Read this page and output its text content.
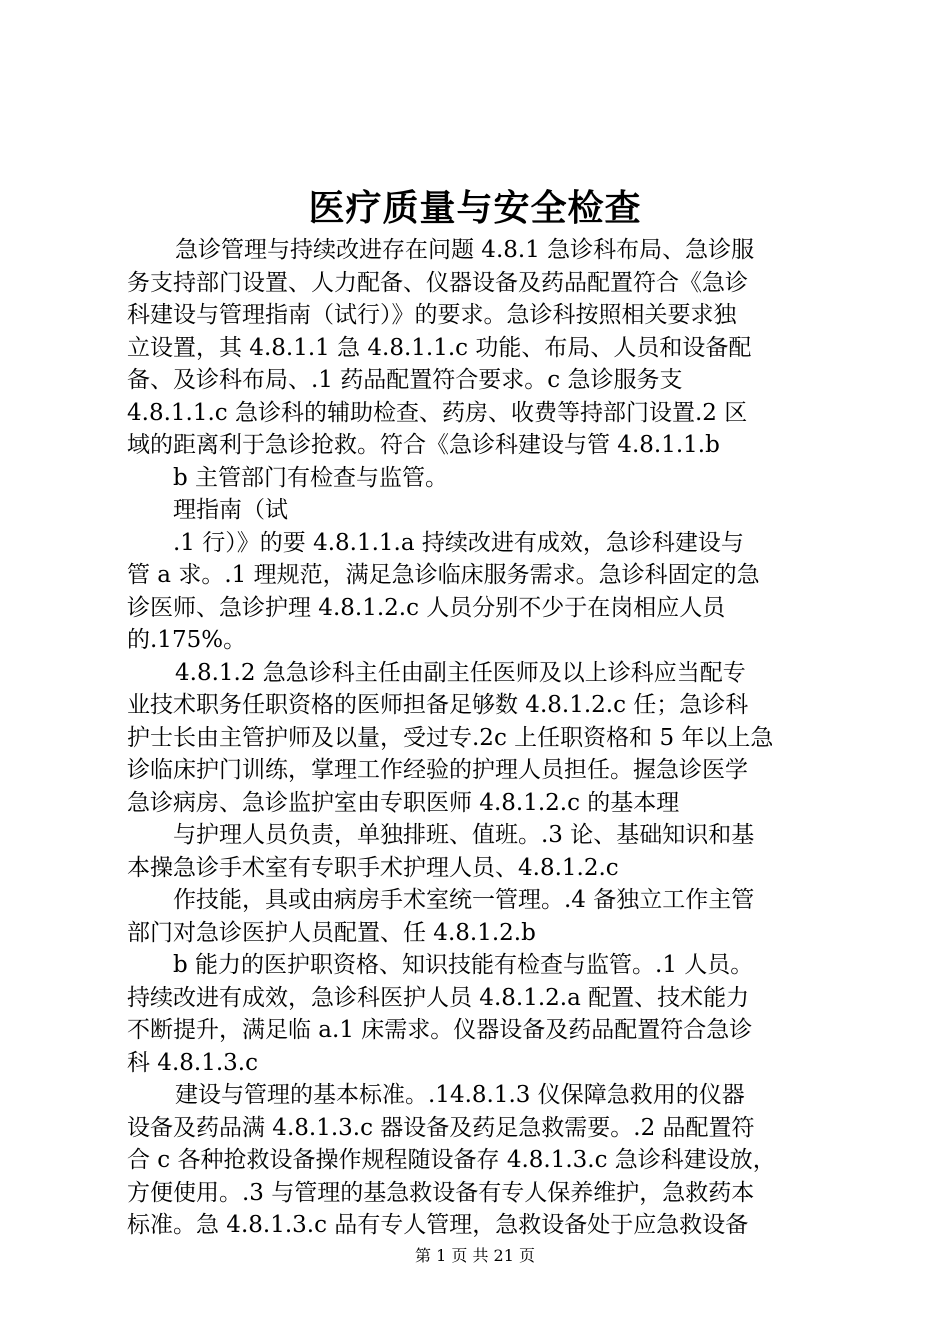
医疗质量与安全检查
急诊管理与持续改进存在问题 4.8.1 急诊科布局、急诊服
务支持部门设置、人力配备、仪器设备及药品配置符合《急诊
科建设与管理指南（试行）》的要求。急诊科按照相关要求独
立设置，其 4.8.1.1 急 4.8.1.1.c 功能、布局、人员和设备配
备、及诊科布局、.1 药品配置符合要求。c 急诊服务支
4.8.1.1.c 急诊科的辅助检查、药房、收费等持部门设置.2 区
域的距离利于急诊抢救。符合《急诊科建设与管 4.8.1.1.b
b 主管部门有检查与监管。
理指南（试
.1 行）》的要 4.8.1.1.a 持续改进有成效，急诊科建设与
管 a 求。.1 理规范，满足急诊临床服务需求。急诊科固定的急
诊医师、急诊护理 4.8.1.2.c 人员分别不少于在岗相应人员
的.175%。
4.8.1.2 急急诊科主任由副主任医师及以上诊科应当配专
业技术职务任职资格的医师担备足够数 4.8.1.2.c 任；急诊科
护士长由主管护师及以量，受过专.2c 上任职资格和 5 年以上急
诊临床护门训练，掌理工作经验的护理人员担任。握急诊医学
急诊病房、急诊监护室由专职医师 4.8.1.2.c 的基本理
与护理人员负责，单独排班、值班。.3 论、基础知识和基
本操急诊手术室有专职手术护理人员、4.8.1.2.c
作技能，具或由病房手术室统一管理。.4 备独立工作主管
部门对急诊医护人员配置、任 4.8.1.2.b
b 能力的医护职资格、知识技能有检查与监管。.1 人员。
持续改进有成效，急诊科医护人员 4.8.1.2.a 配置、技术能力
不断提升，满足临 a.1 床需求。仪器设备及药品配置符合急诊
科 4.8.1.3.c
建设与管理的基本标准。.14.8.1.3 仪保障急救用的仪器
设备及药品满 4.8.1.3.c 器设备及药足急救需要。.2 品配置符
合 c 各种抢救设备操作规程随设备存 4.8.1.3.c 急诊科建设放，
方便使用。.3 与管理的基急救设备有专人保养维护，急救药本
标准。急 4.8.1.3.c 品有专人管理，急救设备处于应急救设备
第 1 页 共 21 页
